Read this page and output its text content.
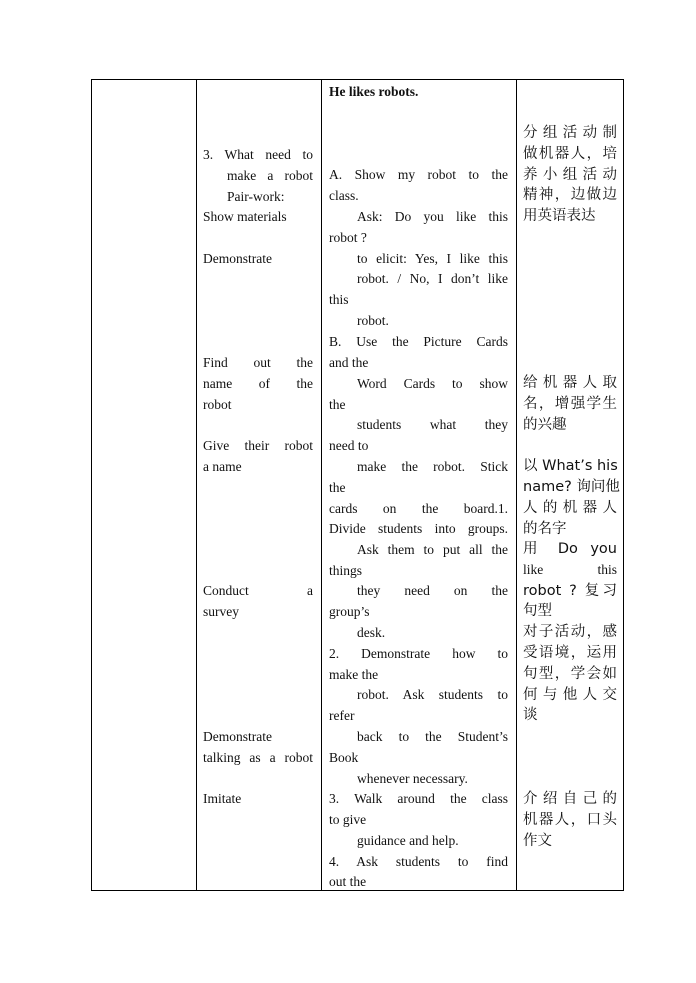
3. What need to
make a robot
Pair-work:
Show materials
Demonstrate
Find out the
name of the
robot
Give their robot
a name
Conduct a
survey
Demonstrate
talking as a robot
Imitate
He likes robots.
A. Show my robot to the
class.
Ask: Do you like this
robot ?
to elicit: Yes, I like this
robot. / No, I don’t like
this
robot.
B. Use the Picture Cards
and the
Word Cards to show
the
students what they
need to
make the robot. Stick
the
cards on the board.1.
Divide students into groups.
Ask them to put all the
things
they need on the
group’s
desk.
2. Demonstrate how to
make the
robot. Ask students to
refer
back to the Student’s
Book
whenever necessary.
3. Walk around the class
to give
guidance and help.
4. Ask students to find
out the
分组活动制
做机器人，培
养小组活动
精神，边做边
用英语表达
给机器人取
名，增强学生
的兴趣
以 What’s his
name? 询问他
人的机器人
的名字
用 Do you
like this
robot ? 复习
句型
对子活动，感
受语境，运用
句型，学会如
何与他人交
谈
介绍自己的
机器人，口头
作文
